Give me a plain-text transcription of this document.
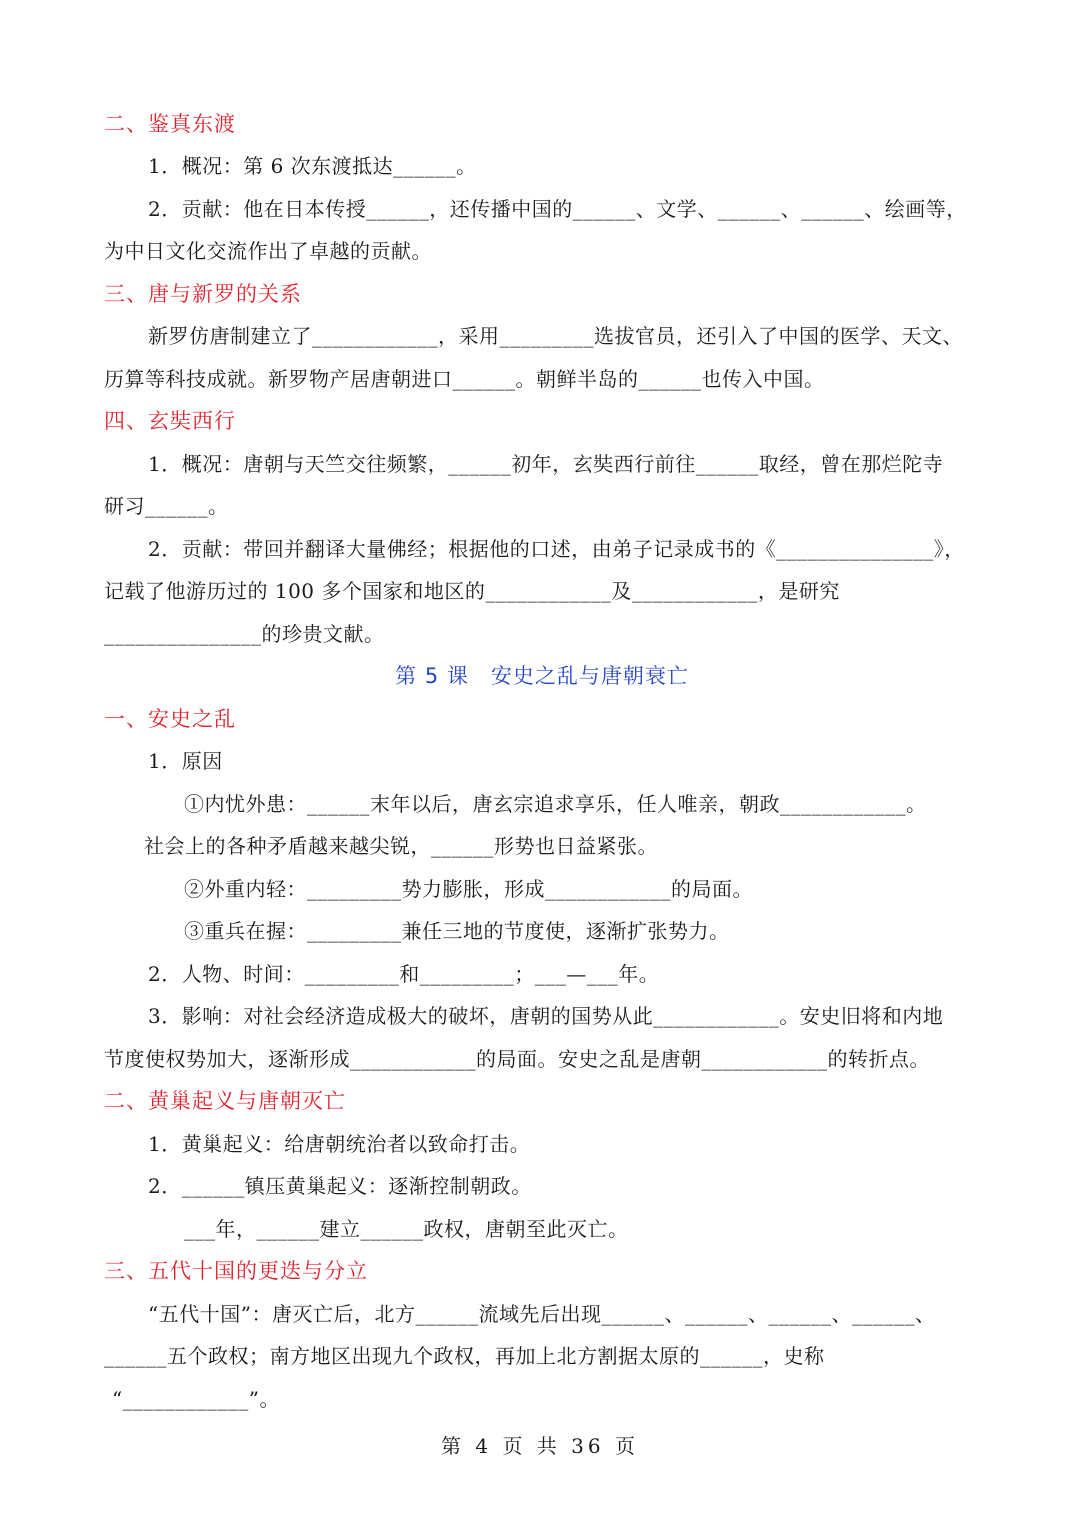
二、鉴真东渡
1．概况：第 6 次东渡抵达______。
2．贡献：他在日本传授______，还传播中国的______、文学、______、______、绘画等，
为中日文化交流作出了卓越的贡献。
三、唐与新罗的关系
新罗仿唐制建立了____________，采用_________选拔官员，还引入了中国的医学、天文、
历算等科技成就。新罗物产居唐朝进口______。朝鲜半岛的______也传入中国。
四、玄奘西行
1．概况：唐朝与天竺交往频繁，______初年，玄奘西行前往______取经，曾在那烂陀寺
研习______。
2．贡献：带回并翻译大量佛经；根据他的口述，由弟子记录成书的《_______________》，
记载了他游历过的 100 多个国家和地区的____________及____________，是研究
_______________的珍贵文献。
第 5 课　安史之乱与唐朝衰亡
一、安史之乱
1．原因
①内忧外患：______末年以后，唐玄宗追求享乐，任人唯亲，朝政____________。
社会上的各种矛盾越来越尖锐，______形势也日益紧张。
②外重内轻：_________势力膨胀，形成____________的局面。
③重兵在握：_________兼任三地的节度使，逐渐扩张势力。
2．人物、时间：_________和_________；___—___年。
3．影响：对社会经济造成极大的破坏，唐朝的国势从此____________。安史旧将和内地
节度使权势加大，逐渐形成____________的局面。安史之乱是唐朝____________的转折点。
二、黄巢起义与唐朝灭亡
1．黄巢起义：给唐朝统治者以致命打击。
2．______镇压黄巢起义：逐渐控制朝政。
___年，______建立______政权，唐朝至此灭亡。
三、五代十国的更迭与分立
“五代十国”：唐灭亡后，北方______流域先后出现______、______、______、______、
______五个政权；南方地区出现九个政权，再加上北方割据太原的______，史称
“____________”。
第 4 页 共 36 页
